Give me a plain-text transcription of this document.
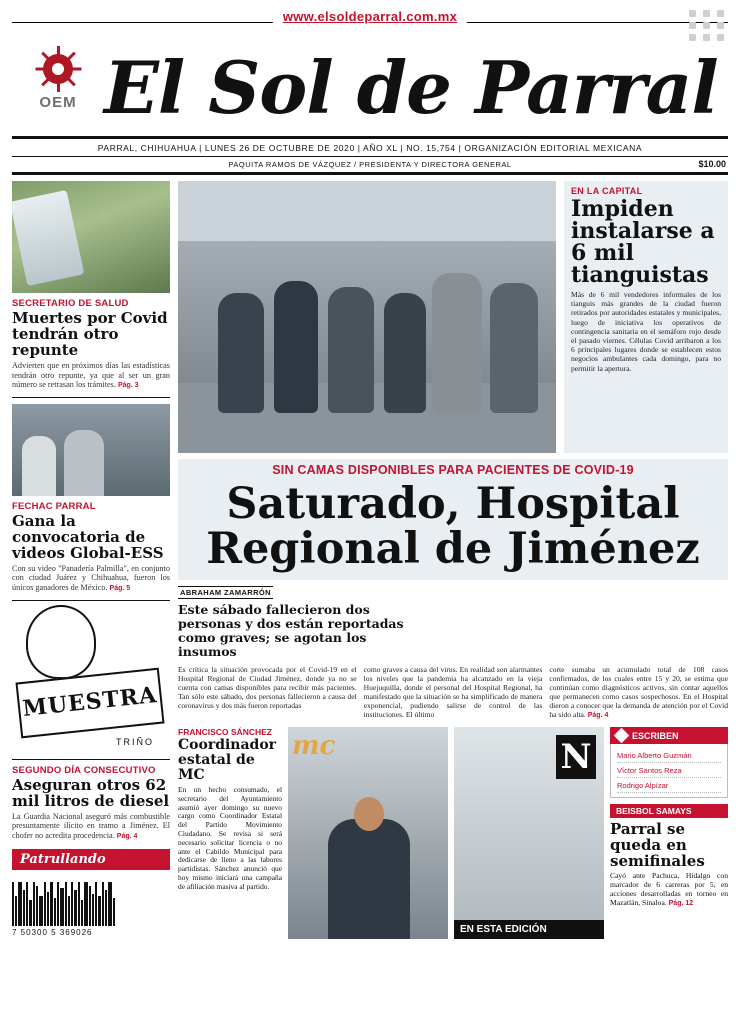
www.elsoldeparral.com.mx
OEM El Sol de Parral
PARRAL, CHIHUAHUA | LUNES 26 DE OCTUBRE DE 2020 | AÑO XL | NO. 15,754 | ORGANIZACIÓN EDITORIAL MEXICANA
PAQUITA RAMOS DE VÁZQUEZ / PRESIDENTA Y DIRECTORA GENERAL	$10.00
SECRETARIO DE SALUD
Muertes por Covid tendrán otro repunte
Advierten que en próximos días las estadísticas tendrán otro repunte, ya que al ser un gran número se retrasan los trámites. Pág. 3
FECHAC PARRAL
Gana la convocatoria de videos Global-ESS
Con su video "Panadería Palmilla", en conjunto con ciudad Juárez y Chihuahua, fueron los únicos ganadores de México. Pág. 5
MUESTRA
TRIÑO
SEGUNDO DÍA CONSECUTIVO
Aseguran otros 62 mil litros de diesel
La Guardia Nacional aseguró más combustible presuntamente ilícito en tramo a Jiménez. El chofer no acredita procedencia. Pág. 4
Patrullando
7 50300 5 369026
EN LA CAPITAL
Impiden instalarse a 6 mil tianguistas

Más de 6 mil vendedores informales de los tianguis más grandes de la ciudad fueron retirados por autoridades estatales y municipales, luego de iniciativa los operativos de contingencia sanitaria en el semáforo rojo desde el pasado viernes. Células Covid arribaron a los 6 principales lugares donde se establecen estos negocios ambulantes cada domingo, para no permitir la apertura.

SIN CAMAS DISPONIBLES PARA PACIENTES DE COVID-19
Saturado, Hospital
Regional de Jiménez
ABRAHAM ZAMARRÓN
Este sábado fallecieron dos personas y dos están reportadas como graves; se agotan los insumos
Es crítica la situación provocada por el Covid-19 en el Hospital Regional de Ciudad Jiménez, donde ya no se cuenta con camas disponibles para recibir más pacientes. Tan sólo este sábado, dos personas fallecieron a causa del coronavirus y dos más fueron reportadas
como graves a causa del virus. En realidad son alarmantes los niveles que la pandemia ha alcanzado en la vieja Huejuquilla, donde el personal del Hospital Regional, ha manifestado que la situación se ha simplificado de manera exponencial, pudiendo salirse de control de las instituciones. El último
corte sumaba un acumulado total de 108 casos confirmados, de los cuales entre 15 y 20, se estima que continúan como diagnósticos activos, sin contar aquellos que permanecen como casos sospechosos. En el Hospital dieron a conocer que la demanda de atención por el Covid ha sido alta. Pág. 4
FRANCISCO SÁNCHEZ
Coordinador estatal de MC

En un hecho consumado, el secretario del Ayuntamiento asumió ayer domingo su nuevo cargo como Coordinador Estatal del Partido Movimiento Ciudadano. Se revisa si será necesario solicitar licencia o no ante el Cabildo Municipal para dedicarse de lleno a las labores partidistas. Sánchez anunció que hoy mismo iniciará una campaña de afiliación masiva al partido.

mc	N
EN ESTA EDICIÓN
ESCRIBEN
Mario Alberto Guzmán
Víctor Santos Reza
Rodrigo Alpízar
BEISBOL SAMAYS
Parral se queda en semifinales

Cayó ante Pachuca, Hidalgo con marcador de 6 carreras por 5, en acciones desarrolladas en torneo en Mazatlán, Sinaloa. Pág. 12
